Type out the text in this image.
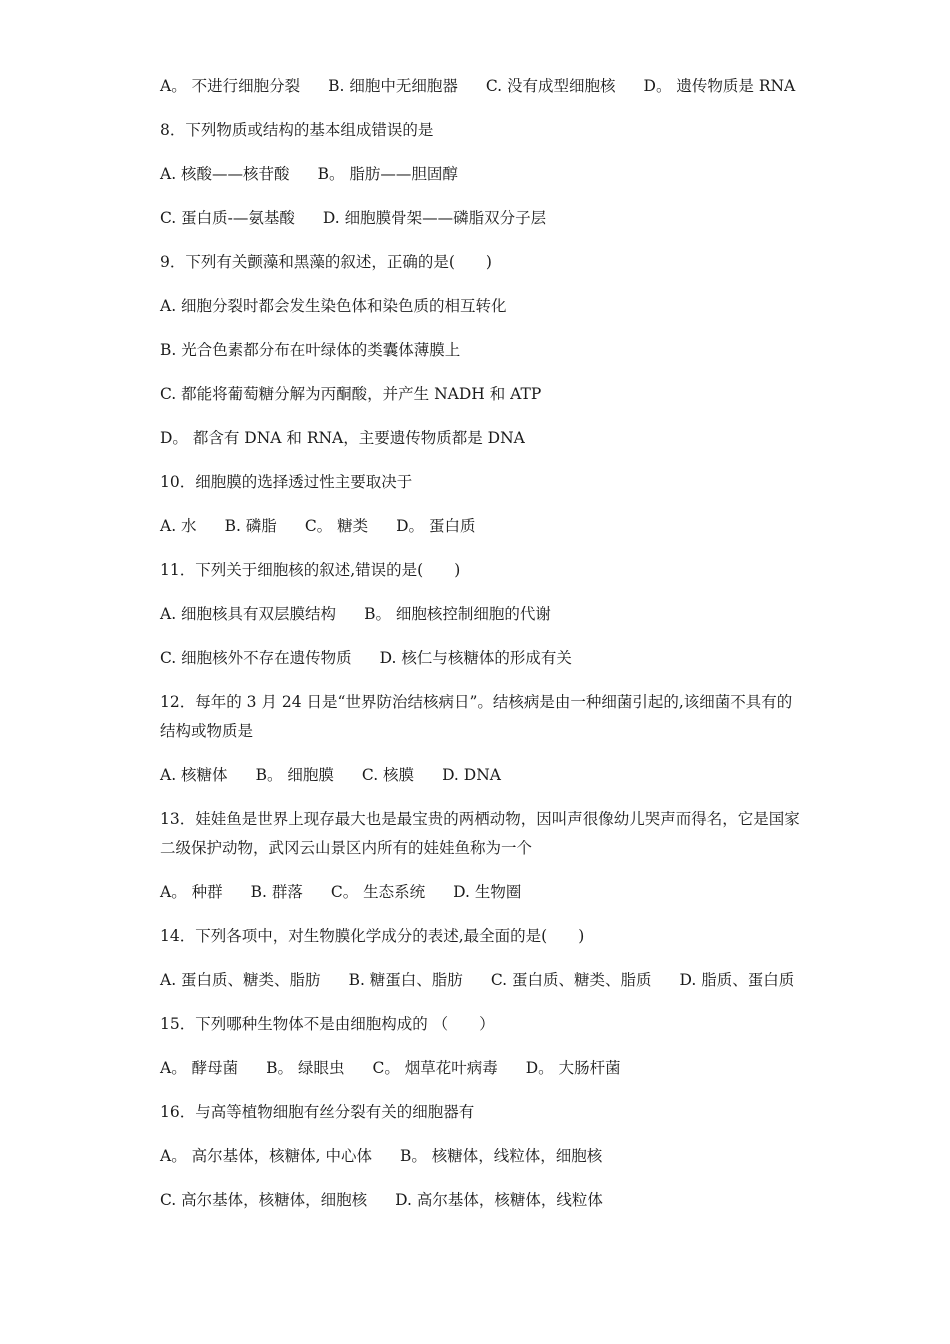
A。 不进行细胞分裂 B. 细胞中无细胞器 C. 没有成型细胞核 D。 遗传物质是 RNA
8．下列物质或结构的基本组成错误的是
A. 核酸——核苷酸 B。 脂肪——胆固醇
C. 蛋白质-—氨基酸 D. 细胞膜骨架——磷脂双分子层
9．下列有关颤藻和黑藻的叙述，正确的是(　　)
A. 细胞分裂时都会发生染色体和染色质的相互转化
B. 光合色素都分布在叶绿体的类囊体薄膜上
C. 都能将葡萄糖分解为丙酮酸，并产生 NADH 和 ATP
D。 都含有 DNA 和 RNA，主要遗传物质都是 DNA
10．细胞膜的选择透过性主要取决于
A. 水 B. 磷脂 C。 糖类 D。 蛋白质
11．下列关于细胞核的叙述,错误的是(　　)
A. 细胞核具有双层膜结构 B。 细胞核控制细胞的代谢
C. 细胞核外不存在遗传物质 D. 核仁与核糖体的形成有关
12．每年的 3 月 24 日是“世界防治结核病日”。结核病是由一种细菌引起的,该细菌不具有的结构或物质是
A. 核糖体 B。 细胞膜 C. 核膜 D. DNA
13．娃娃鱼是世界上现存最大也是最宝贵的两栖动物，因叫声很像幼儿哭声而得名，它是国家二级保护动物，武冈云山景区内所有的娃娃鱼称为一个
A。 种群 B. 群落 C。 生态系统 D. 生物圈
14．下列各项中，对生物膜化学成分的表述,最全面的是(　　)
A. 蛋白质、糖类、脂肪 B. 糖蛋白、脂肪 C. 蛋白质、糖类、脂质 D. 脂质、蛋白质
15．下列哪种生物体不是由细胞构成的 （　　）
A。 酵母菌 B。 绿眼虫 C。 烟草花叶病毒 D。 大肠杆菌
16．与高等植物细胞有丝分裂有关的细胞器有
A。 高尔基体，核糖体, 中心体 B。 核糖体，线粒体，细胞核
C. 高尔基体，核糖体，细胞核 D. 高尔基体，核糖体，线粒体
